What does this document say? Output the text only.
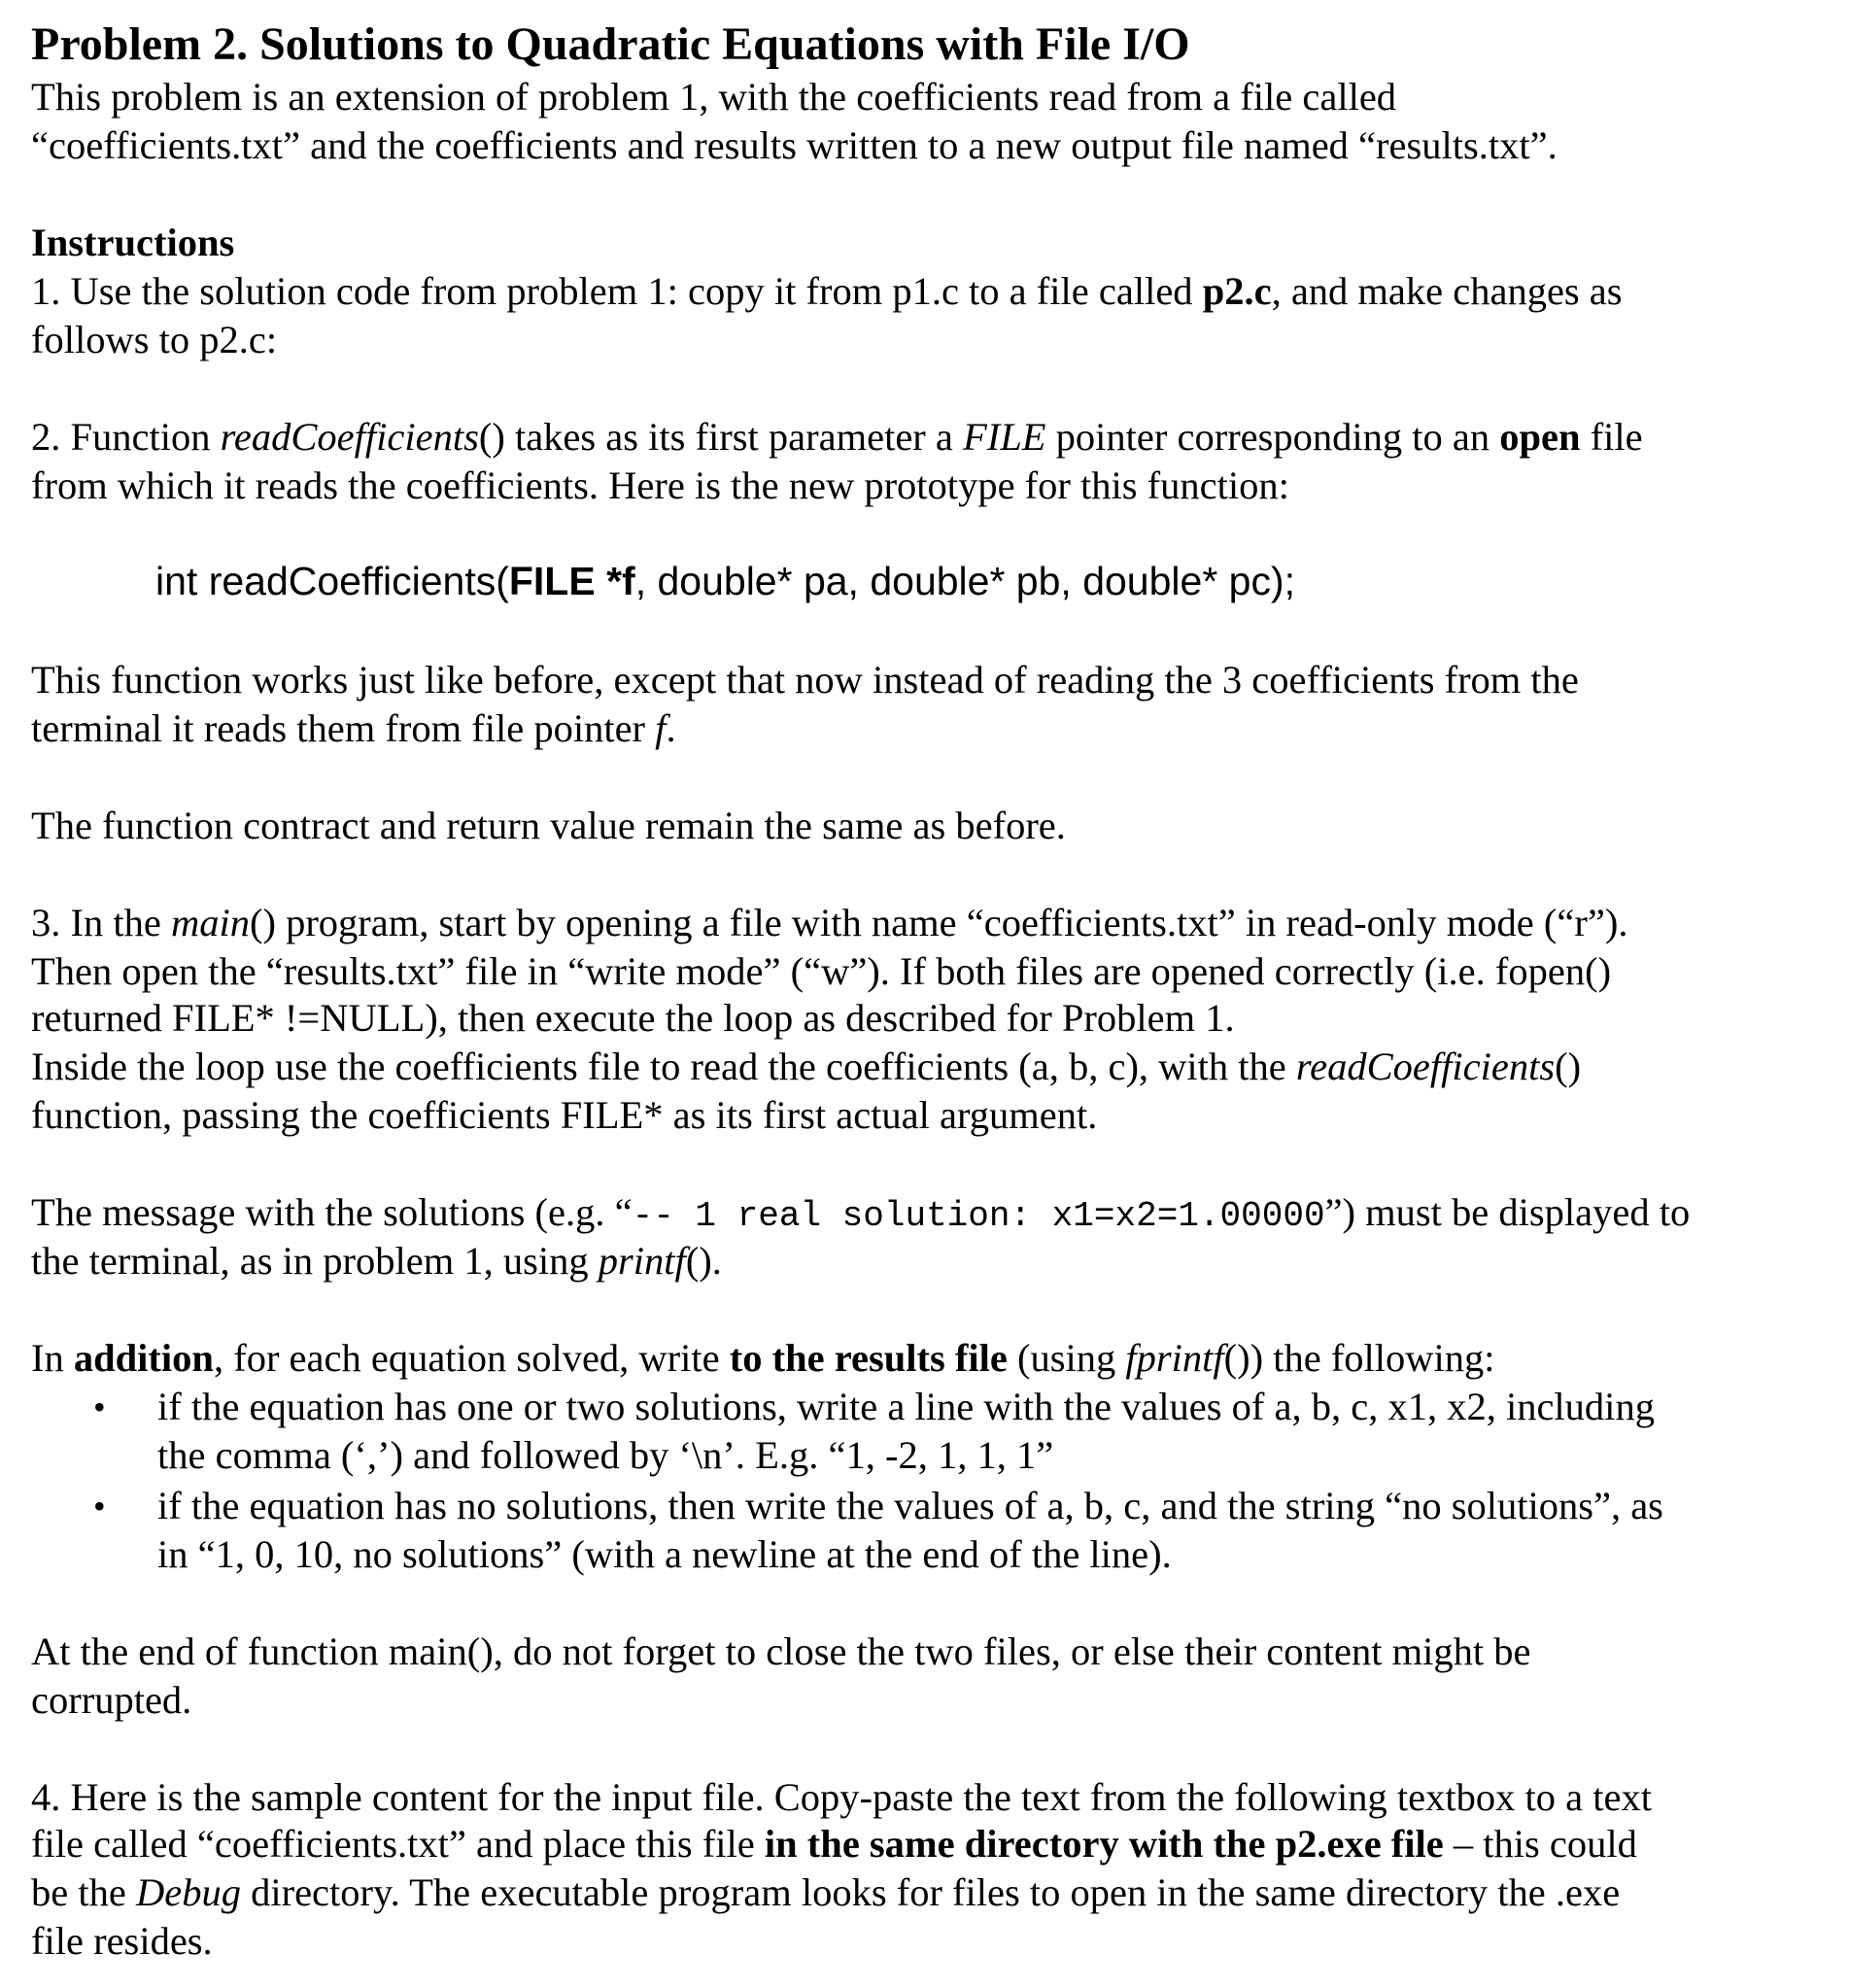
Problem 2. Solutions to Quadratic Equations with File I/O
This problem is an extension of problem 1, with the coefficients read from a file called
“coefficients.txt” and the coefficients and results written to a new output file named “results.txt”.
Instructions
1. Use the solution code from problem 1: copy it from p1.c to a file called p2.c, and make changes as
follows to p2.c:
2. Function readCoefficients() takes as its first parameter a FILE pointer corresponding to an open file
from which it reads the coefficients. Here is the new prototype for this function:
int readCoefficients(FILE *f, double* pa, double* pb, double* pc);
This function works just like before, except that now instead of reading the 3 coefficients from the
terminal it reads them from file pointer f.
The function contract and return value remain the same as before.
3. In the main() program, start by opening a file with name “coefficients.txt” in read-only mode (“r”).
Then open the “results.txt” file in “write mode” (“w”). If both files are opened correctly (i.e. fopen()
returned FILE* !=NULL), then execute the loop as described for Problem 1.
Inside the loop use the coefficients file to read the coefficients (a, b, c), with the readCoefficients()
function, passing the coefficients FILE* as its first actual argument.
The message with the solutions (e.g. “-- 1 real solution: x1=x2=1.00000”) must be displayed to
the terminal, as in problem 1, using printf().
In addition, for each equation solved, write to the results file (using fprintf()) the following:
• if the equation has one or two solutions, write a line with the values of a, b, c, x1, x2, including
the comma (‘,’) and followed by ‘\n’. E.g. “1, -2, 1, 1, 1”
• if the equation has no solutions, then write the values of a, b, c, and the string “no solutions”, as
in “1, 0, 10, no solutions” (with a newline at the end of the line).
At the end of function main(), do not forget to close the two files, or else their content might be
corrupted.
4. Here is the sample content for the input file. Copy-paste the text from the following textbox to a text
file called “coefficients.txt” and place this file in the same directory with the p2.exe file – this could
be the Debug directory. The executable program looks for files to open in the same directory the .exe
file resides.
